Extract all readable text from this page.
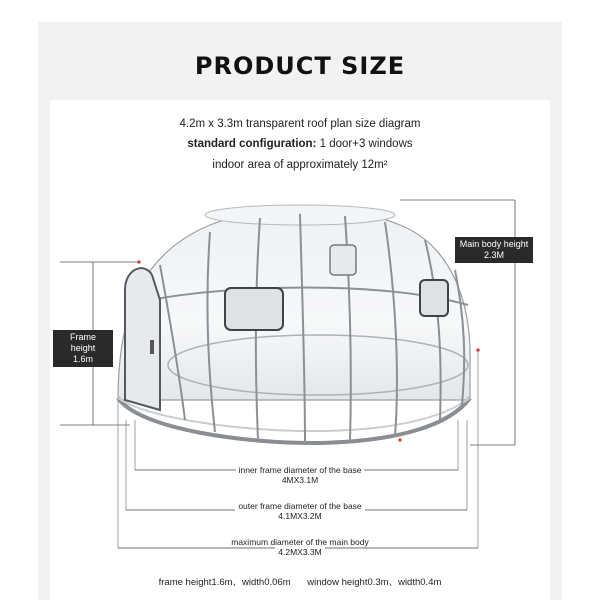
PRODUCT SIZE
4.2m x 3.3m transparent roof plan size diagram
standard configuration: 1 door+3 windows
indoor area of approximately 12m²
Main body height
2.3M
Frame height
1.6m
inner frame diameter of the base
4MX3.1M
outer frame diameter of the base
4.1MX3.2M
maximum diameter of the main body
4.2MX3.3M
frame height1.6m、width0.06m window height0.3m、width0.4m
